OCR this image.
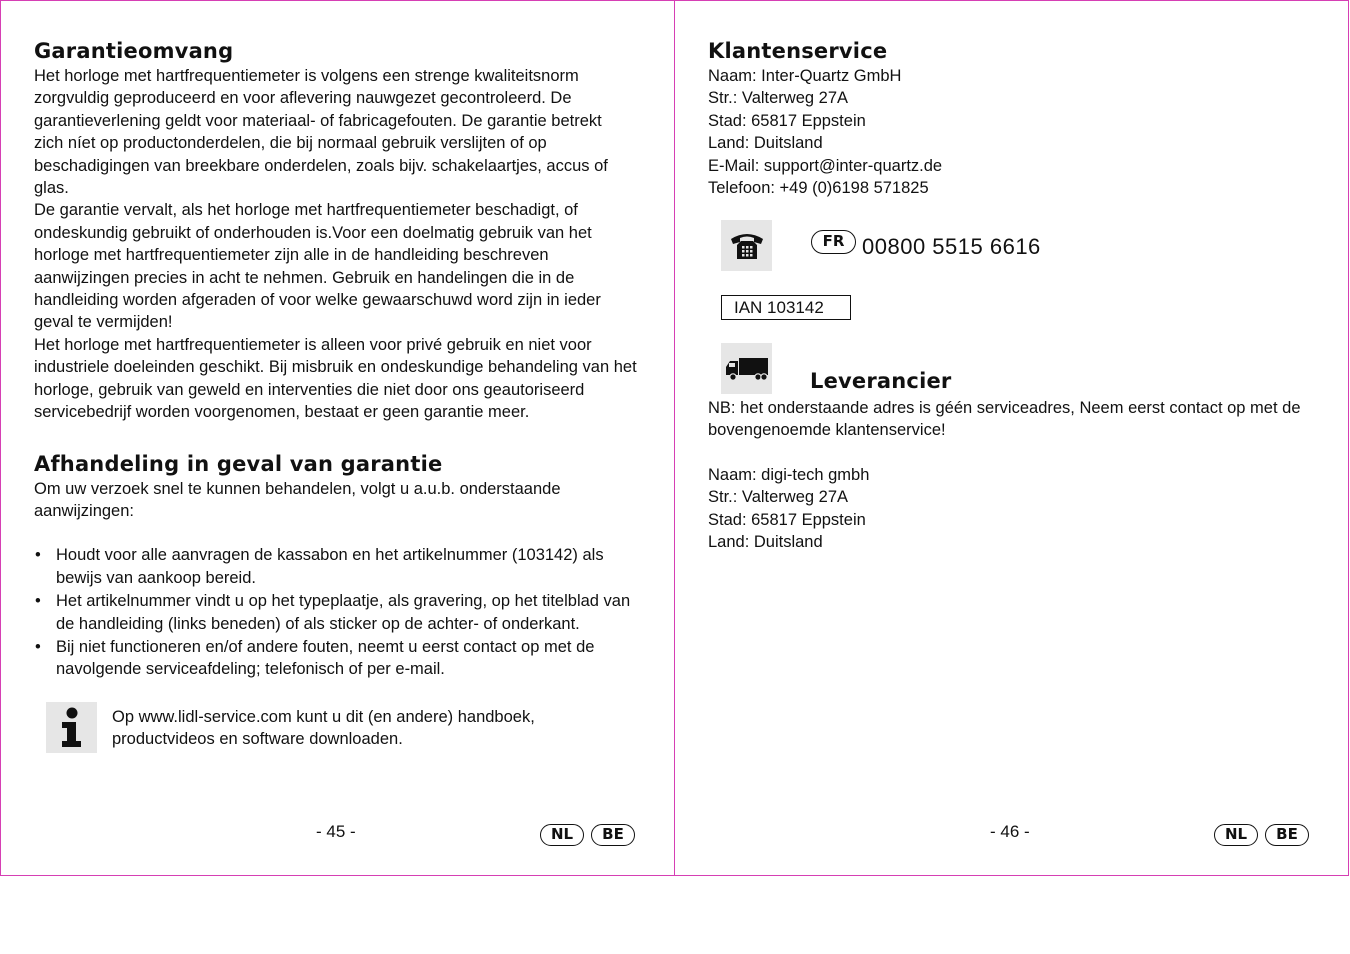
Garantieomvang

Het horloge met hartfrequentiemeter is volgens een strenge kwaliteitsnorm
zorgvuldig geproduceerd en voor aflevering nauwgezet gecontroleerd. De
garantieverlening geldt voor materiaal- of fabricagefouten. De garantie betrekt
zich níet op productonderdelen, die bij normaal gebruik verslijten of op
beschadigingen van breekbare onderdelen, zoals bijv. schakelaartjes, accus of
glas.

De garantie vervalt, als het horloge met hartfrequentiemeter beschadigt, of
ondeskundig gebruikt of onderhouden is.Voor een doelmatig gebruik van het
horloge met hartfrequentiemeter zijn alle in de handleiding beschreven
aanwijzingen precies in acht te nehmen. Gebruik en handelingen die in de
handleiding worden afgeraden of voor welke gewaarschuwd word zijn in ieder
geval te vermijden!

Het horloge met hartfrequentiemeter is alleen voor privé gebruik en niet voor
industriele doeleinden geschikt. Bij misbruik en ondeskundige behandeling van het
horloge, gebruik van geweld en interventies die niet door ons geautoriseerd
servicebedrijf worden voorgenomen, bestaat er geen garantie meer.

Afhandeling in geval van garantie

Om uw verzoek snel te kunnen behandelen, volgt u a.u.b. onderstaande
aanwijzingen:

• Houdt voor alle aanvragen de kassabon en het artikelnummer (103142) als
bewijs van aankoop bereid.
• Het artikelnummer vindt u op het typeplaatje, als gravering, op het titelblad van
de handleiding (links beneden) of als sticker op de achter- of onderkant.
• Bij niet functioneren en/of andere fouten, neemt u eerst contact op met de
navolgende serviceafdeling; telefonisch of per e-mail.

Op www.lidl-service.com kunt u dit (en andere) handboek,
productvideos en software downloaden.

- 45 -	NL	BE
Klantenservice

Naam: Inter-Quartz GmbH
Str.: Valterweg 27A
Stad: 65817 Eppstein
Land: Duitsland
E-Mail: support@inter-quartz.de
Telefoon: +49 (0)6198 571825

FR 00800 5515 6616
IAN 103142
Leverancier

NB: het onderstaande adres is géén serviceadres, Neem eerst contact op met de
bovengenoemde klantenservice!

Naam: digi-tech gmbh
Str.: Valterweg 27A
Stad: 65817 Eppstein
Land: Duitsland

- 46 -	NL	BE
